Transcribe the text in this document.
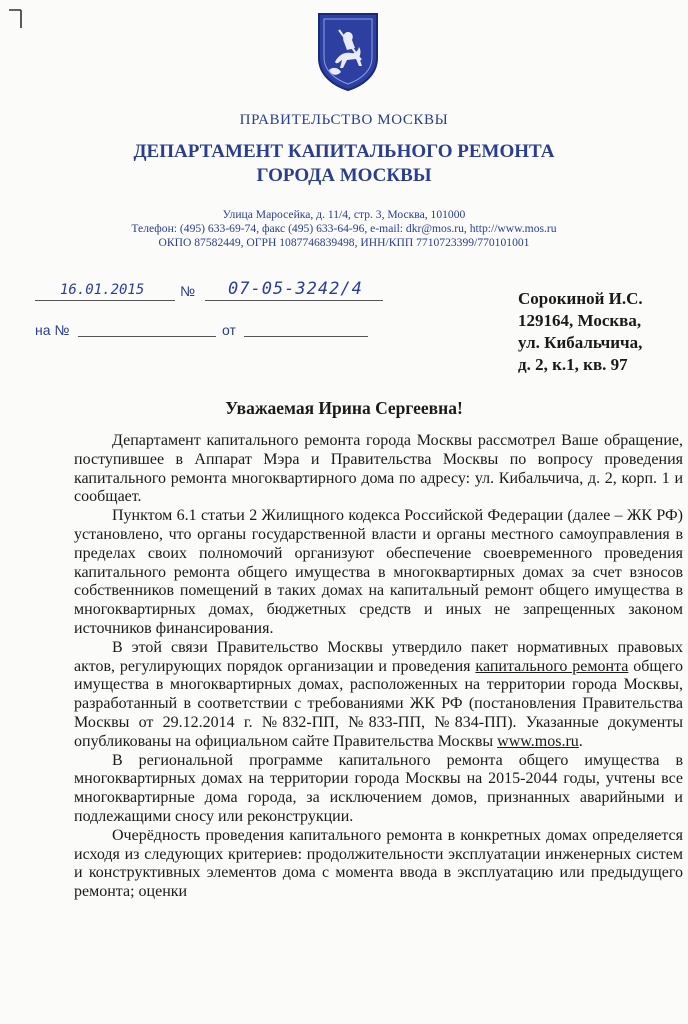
ПРАВИТЕЛЬСТВО МОСКВЫ
ДЕПАРТАМЕНТ КАПИТАЛЬНОГО РЕМОНТА
ГОРОДА МОСКВЫ
Улица Маросейка, д. 11/4, стр. 3, Москва, 101000
Телефон: (495) 633-69-74, факс (495) 633-64-96, e-mail: dkr@mos.ru, http://www.mos.ru
ОКПО 87582449, ОГРН 1087746839498, ИНН/КПП 7710723399/770101001
16.01.2015	№ 07-05-3242/4
на №	от
Сорокиной И.С.
129164, Москва,
ул. Кибальчича,
д. 2, к.1, кв. 97
Уважаемая Ирина Сергеевна!

Департамент капитального ремонта города Москвы рассмотрел Ваше обращение, поступившее в Аппарат Мэра и Правительства Москвы по вопросу проведения капитального ремонта многоквартирного дома по адресу: ул. Кибальчича, д. 2, корп. 1 и сообщает.

Пунктом 6.1 статьи 2 Жилищного кодекса Российской Федерации (далее – ЖК РФ) установлено, что органы государственной власти и органы местного самоуправления в пределах своих полномочий организуют обеспечение своевременного проведения капитального ремонта общего имущества в многоквартирных домах за счет взносов собственников помещений в таких домах на капитальный ремонт общего имущества в многоквартирных домах, бюджетных средств и иных не запрещенных законом источников финансирования.

В этой связи Правительство Москвы утвердило пакет нормативных правовых актов, регулирующих порядок организации и проведения капитального ремонта общего имущества в многоквартирных домах, расположенных на территории города Москвы, разработанный в соответствии с требованиями ЖК РФ (постановления Правительства Москвы от 29.12.2014 г. №832-ПП, №833-ПП, №834-ПП). Указанные документы опубликованы на официальном сайте Правительства Москвы www.mos.ru.

В региональной программе капитального ремонта общего имущества в многоквартирных домах на территории города Москвы на 2015-2044 годы, учтены все многоквартирные дома города, за исключением домов, признанных аварийными и подлежащими сносу или реконструкции.

Очерёдность проведения капитального ремонта в конкретных домах определяется исходя из следующих критериев: продолжительности эксплуатации инженерных систем и конструктивных элементов дома с момента ввода в эксплуатацию или предыдущего ремонта; оценки
